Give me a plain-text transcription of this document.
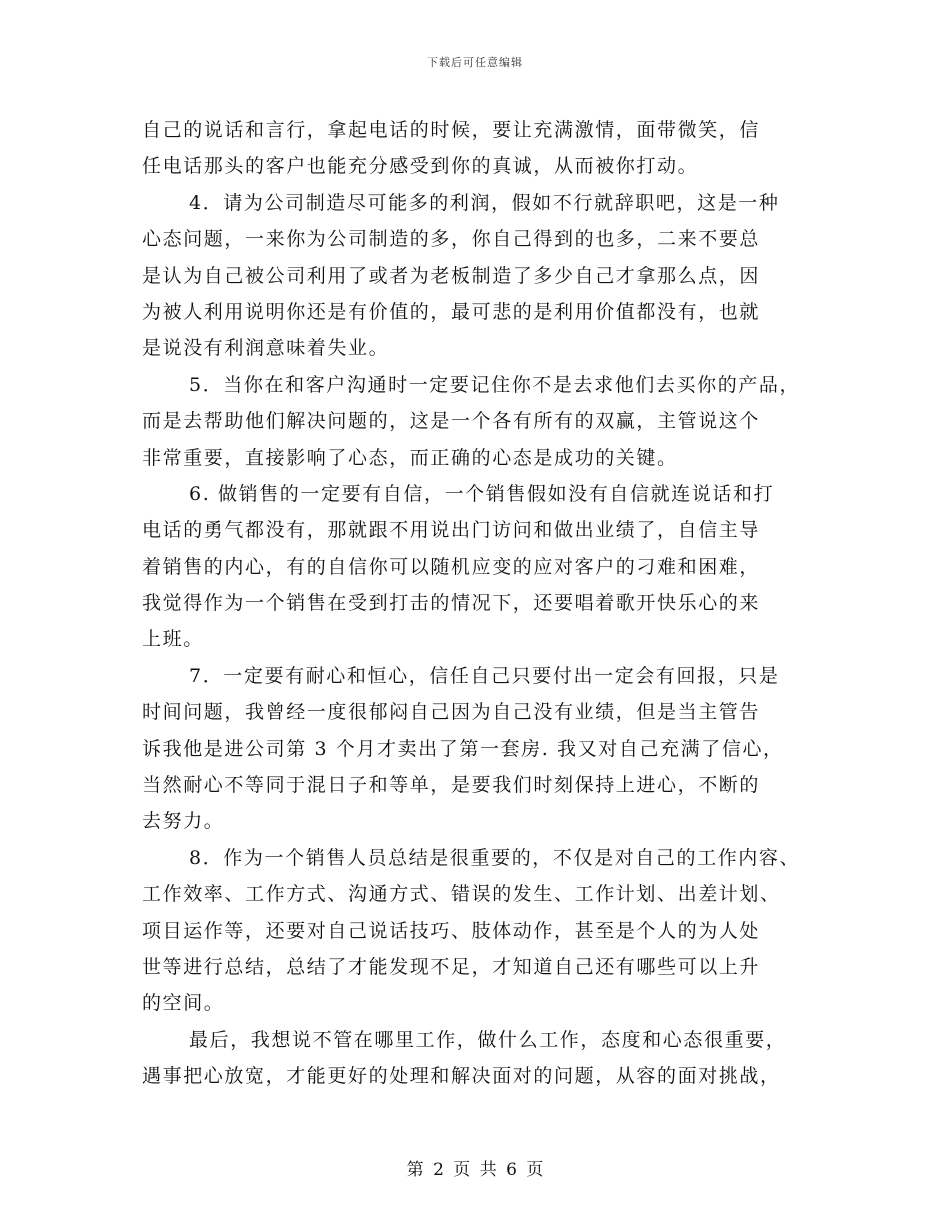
下载后可任意编辑
自己的说话和言行，拿起电话的时候，要让充满激情，面带微笑，信
任电话那头的客户也能充分感受到你的真诚，从而被你打动。
4．请为公司制造尽可能多的利润，假如不行就辞职吧，这是一种
心态问题，一来你为公司制造的多，你自己得到的也多，二来不要总
是认为自己被公司利用了或者为老板制造了多少自己才拿那么点，因
为被人利用说明你还是有价值的，最可悲的是利用价值都没有，也就
是说没有利润意味着失业。
5．当你在和客户沟通时一定要记住你不是去求他们去买你的产品，
而是去帮助他们解决问题的，这是一个各有所有的双赢，主管说这个
非常重要，直接影响了心态，而正确的心态是成功的关键。
6. 做销售的一定要有自信，一个销售假如没有自信就连说话和打
电话的勇气都没有，那就跟不用说出门访问和做出业绩了，自信主导
着销售的内心，有的自信你可以随机应变的应对客户的刁难和困难，
我觉得作为一个销售在受到打击的情况下，还要唱着歌开快乐心的来
上班。
7．一定要有耐心和恒心，信任自己只要付出一定会有回报，只是
时间问题，我曾经一度很郁闷自己因为自己没有业绩，但是当主管告
诉我他是进公司第 3 个月才卖出了第一套房. 我又对自己充满了信心，
当然耐心不等同于混日子和等单，是要我们时刻保持上进心，不断的
去努力。
8．作为一个销售人员总结是很重要的，不仅是对自己的工作内容、
工作效率、工作方式、沟通方式、错误的发生、工作计划、出差计划、
项目运作等，还要对自己说话技巧、肢体动作，甚至是个人的为人处
世等进行总结，总结了才能发现不足，才知道自己还有哪些可以上升
的空间。
最后，我想说不管在哪里工作，做什么工作，态度和心态很重要，
遇事把心放宽，才能更好的处理和解决面对的问题，从容的面对挑战，
第 2 页 共 6 页
